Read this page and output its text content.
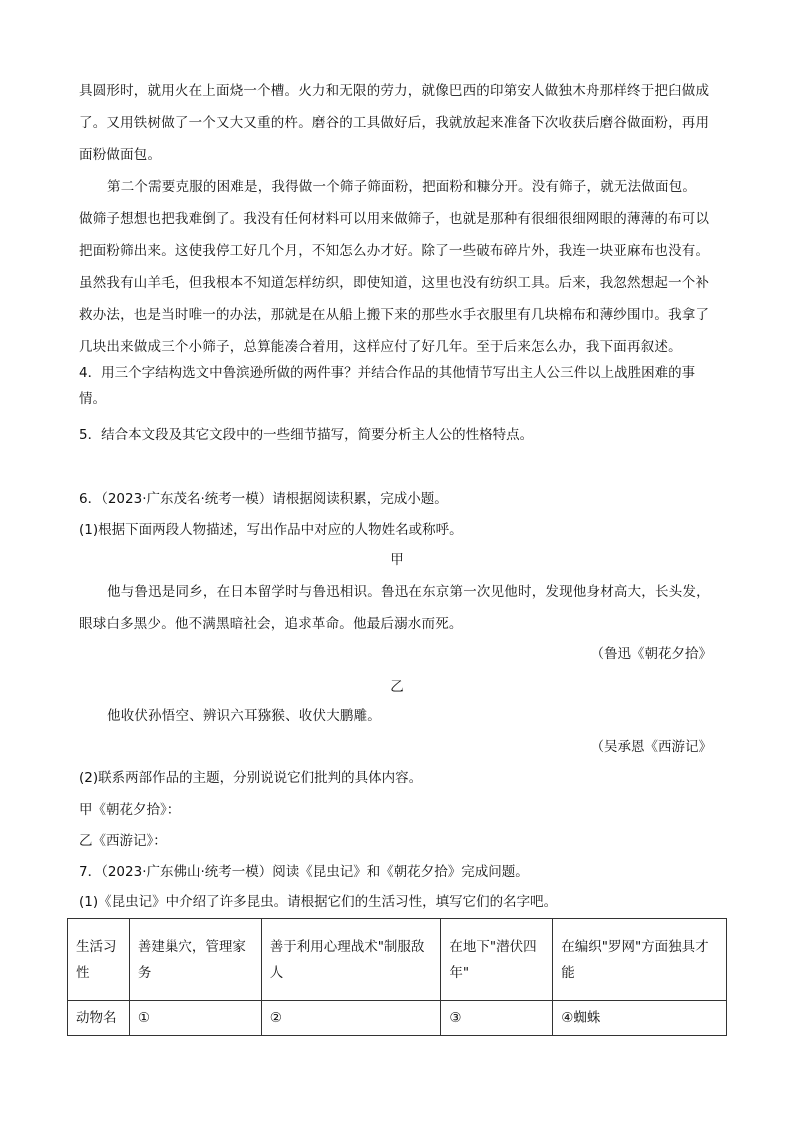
具圆形时，就用火在上面烧一个槽。火力和无限的劳力，就像巴西的印第安人做独木舟那样终于把臼做成
了。又用铁树做了一个又大又重的杵。磨谷的工具做好后，我就放起来准备下次收获后磨谷做面粉，再用
面粉做面包。
第二个需要克服的困难是，我得做一个筛子筛面粉，把面粉和糠分开。没有筛子，就无法做面包。
做筛子想想也把我难倒了。我没有任何材料可以用来做筛子，也就是那种有很细很细网眼的薄薄的布可以
把面粉筛出来。这使我停工好几个月，不知怎么办才好。除了一些破布碎片外，我连一块亚麻布也没有。
虽然我有山羊毛，但我根本不知道怎样纺织，即使知道，这里也没有纺织工具。后来，我忽然想起一个补
救办法，也是当时唯一的办法，那就是在从船上搬下来的那些水手衣服里有几块棉布和薄纱围巾。我拿了
几块出来做成三个小筛子，总算能凑合着用，这样应付了好几年。至于后来怎么办，我下面再叙述。
4．用三个字结构选文中鲁滨逊所做的两件事？并结合作品的其他情节写出主人公三件以上战胜困难的事
情。
5．结合本文段及其它文段中的一些细节描写，简要分析主人公的性格特点。
6．（2023·广东茂名·统考一模）请根据阅读积累，完成小题。
(1)根据下面两段人物描述，写出作品中对应的人物姓名或称呼。
甲
他与鲁迅是同乡，在日本留学时与鲁迅相识。鲁迅在东京第一次见他时，发现他身材高大，长头发，
眼球白多黑少。他不满黑暗社会，追求革命。他最后溺水而死。
（鲁迅《朝花夕拾》
乙
他收伏孙悟空、辨识六耳猕猴、收伏大鹏雕。
（吴承恩《西游记》
(2)联系两部作品的主题，分别说说它们批判的具体内容。
甲《朝花夕拾》：
乙《西游记》：
7．（2023·广东佛山·统考一模）阅读《昆虫记》和《朝花夕拾》完成问题。
(1)《昆虫记》中介绍了许多昆虫。请根据它们的生活习性，填写它们的名字吧。
生活习性	善建巢穴，管理家务	善于利用心理战术"制服敌人	在地下"潜伏四年"	在编织"罗网"方面独具才能
动物名	①	②	③	④蜘蛛
